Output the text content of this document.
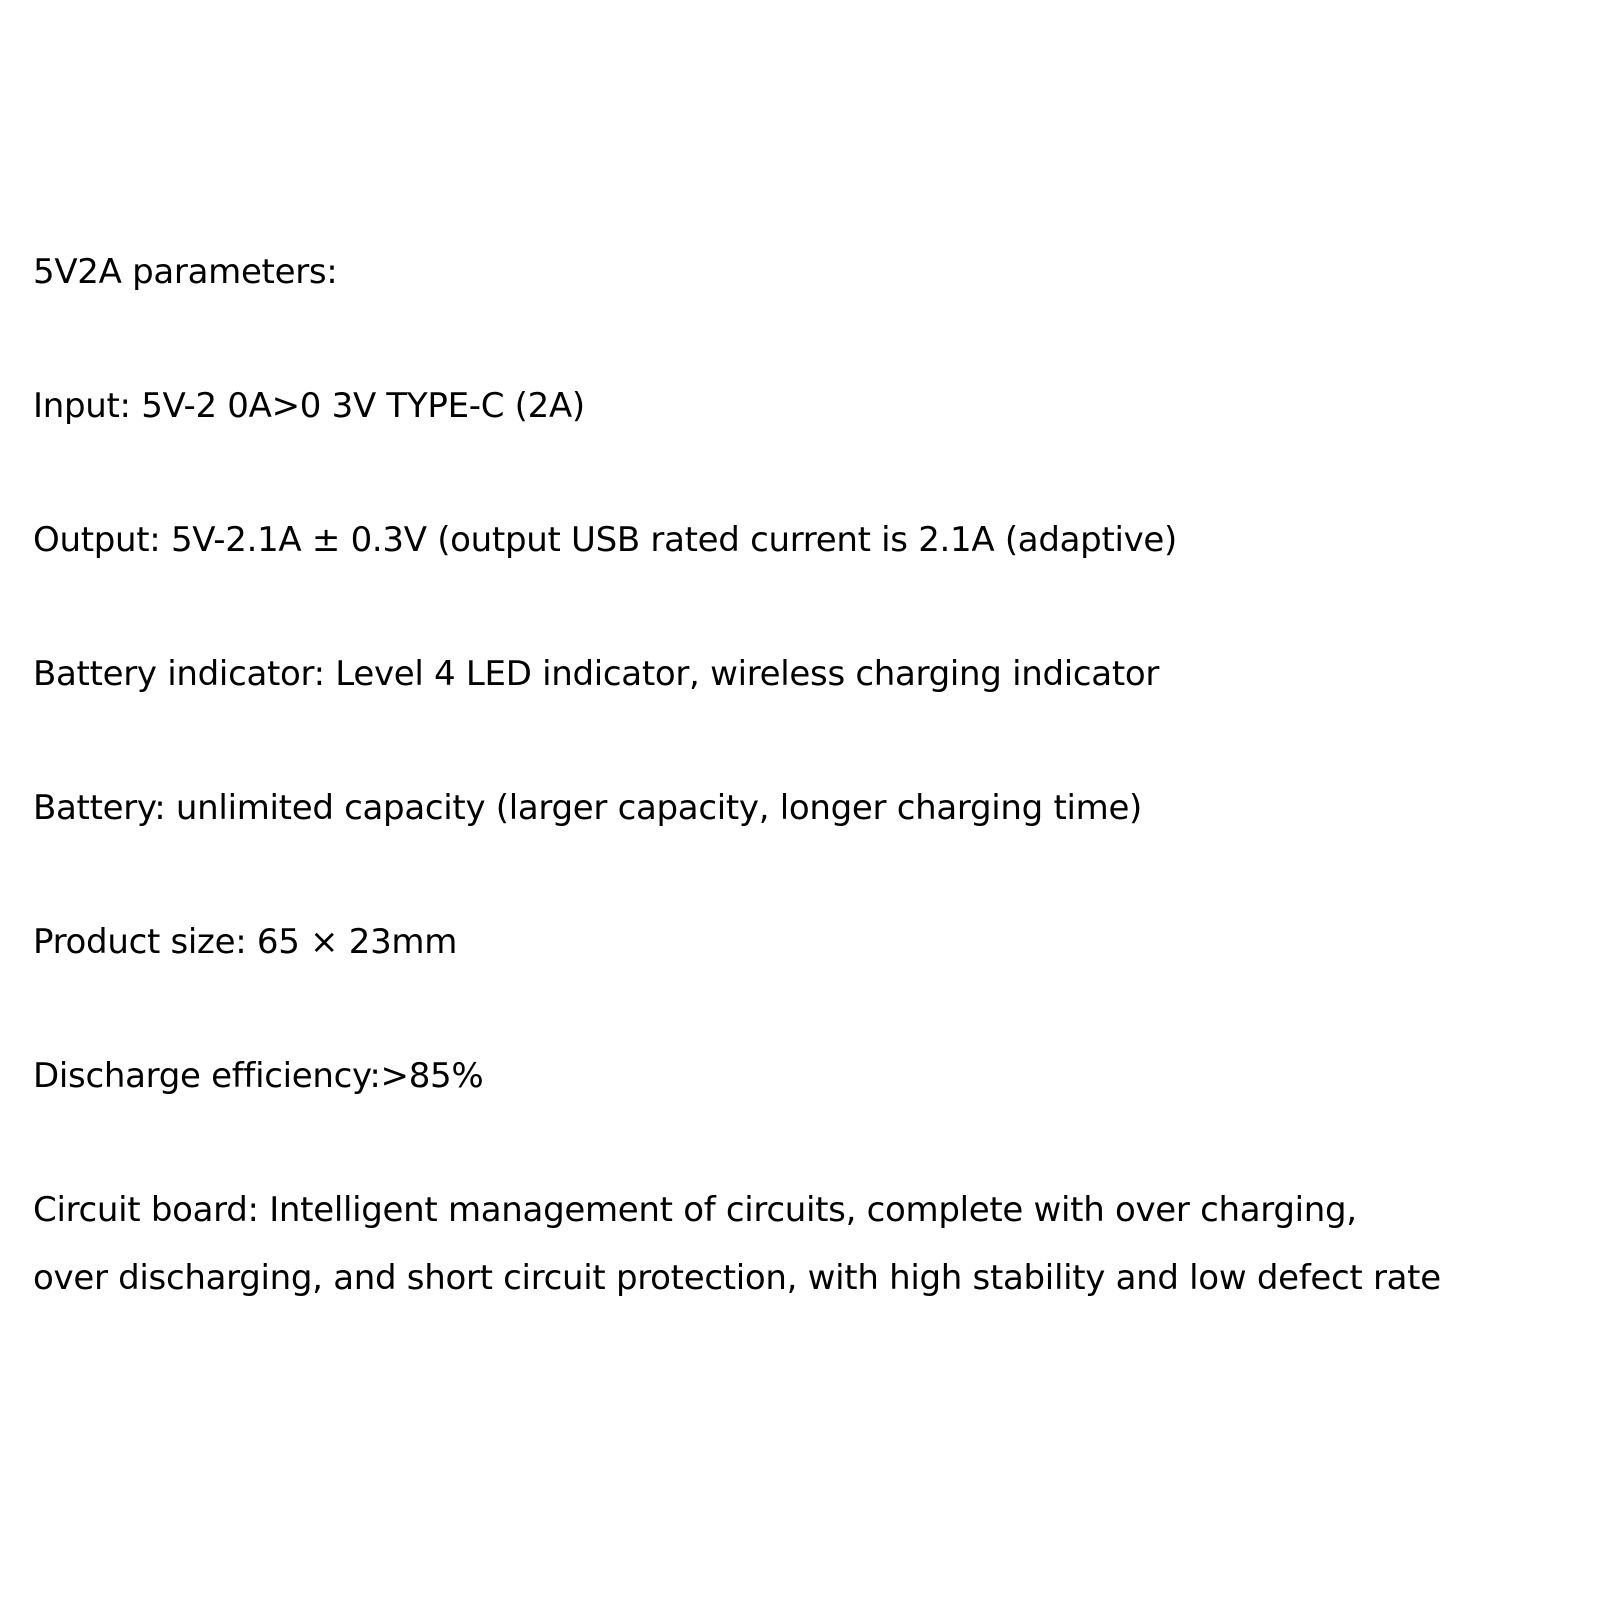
5V2A parameters:

Input: 5V-2 0A>0 3V TYPE-C (2A)

Output: 5V-2.1A ± 0.3V (output USB rated current is 2.1A (adaptive)

Battery indicator: Level 4 LED indicator, wireless charging indicator

Battery: unlimited capacity (larger capacity, longer charging time)

Product size: 65 × 23mm

Discharge efficiency:>85%

Circuit board: Intelligent management of circuits, complete with over charging,

over discharging, and short circuit protection, with high stability and low defect rate
